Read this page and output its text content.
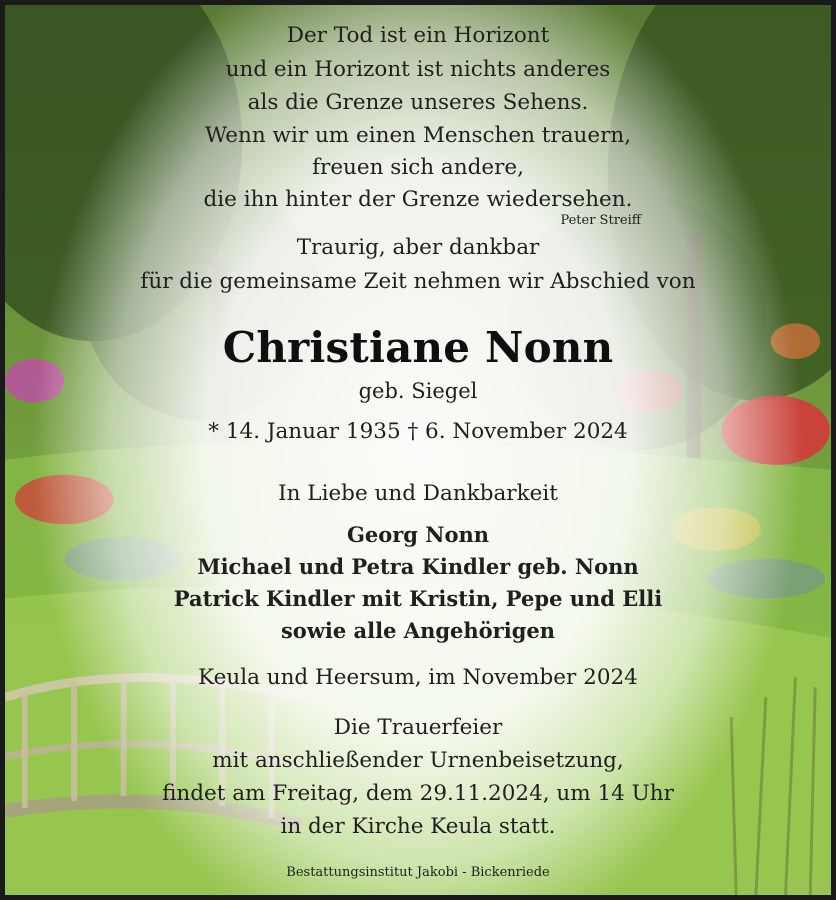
Der Tod ist ein Horizont
und ein Horizont ist nichts anderes
als die Grenze unseres Sehens.
Wenn wir um einen Menschen trauern,
freuen sich andere,
die ihn hinter der Grenze wiedersehen.
Peter Streiff
Traurig, aber dankbar
für die gemeinsame Zeit nehmen wir Abschied von
Christiane Nonn
geb. Siegel
* 14. Januar 1935 † 6. November 2024
In Liebe und Dankbarkeit
Georg Nonn
Michael und Petra Kindler geb. Nonn
Patrick Kindler mit Kristin, Pepe und Elli
sowie alle Angehörigen
Keula und Heersum, im November 2024
Die Trauerfeier
mit anschließender Urnenbeisetzung,
findet am Freitag, dem 29.11.2024, um 14 Uhr
in der Kirche Keula statt.
Bestattungsinstitut Jakobi - Bickenriede
